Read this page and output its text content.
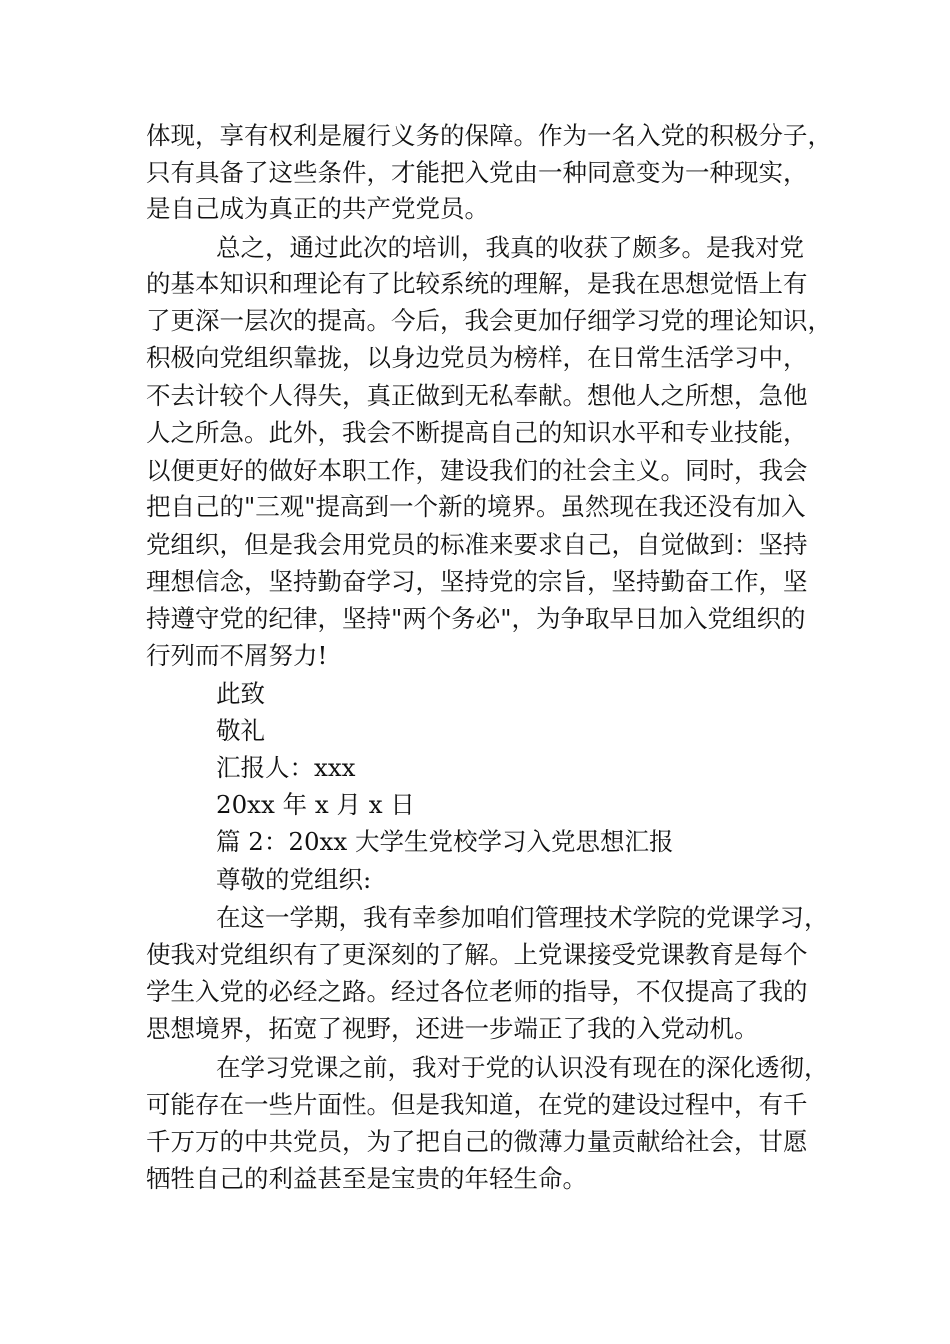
体现，享有权利是履行义务的保障。作为一名入党的积极分子，
只有具备了这些条件，才能把入党由一种同意变为一种现实，
是自己成为真正的共产党党员。
总之，通过此次的培训，我真的收获了颇多。是我对党
的基本知识和理论有了比较系统的理解，是我在思想觉悟上有
了更深一层次的提高。今后，我会更加仔细学习党的理论知识，
积极向党组织靠拢，以身边党员为榜样，在日常生活学习中，
不去计较个人得失，真正做到无私奉献。想他人之所想，急他
人之所急。此外，我会不断提高自己的知识水平和专业技能，
以便更好的做好本职工作，建设我们的社会主义。同时，我会
把自己的"三观"提高到一个新的境界。虽然现在我还没有加入
党组织，但是我会用党员的标准来要求自己，自觉做到：坚持
理想信念，坚持勤奋学习，坚持党的宗旨，坚持勤奋工作，坚
持遵守党的纪律，坚持"两个务必"，为争取早日加入党组织的
行列而不屑努力!
此致
敬礼
汇报人：xxx
20xx 年 x 月 x 日
篇 2：20xx 大学生党校学习入党思想汇报
尊敬的党组织:
在这一学期，我有幸参加咱们管理技术学院的党课学习，
使我对党组织有了更深刻的了解。上党课接受党课教育是每个
学生入党的必经之路。经过各位老师的指导，不仅提高了我的
思想境界，拓宽了视野，还进一步端正了我的入党动机。
在学习党课之前，我对于党的认识没有现在的深化透彻，
可能存在一些片面性。但是我知道，在党的建设过程中，有千
千万万的中共党员，为了把自己的微薄力量贡献给社会，甘愿
牺牲自己的利益甚至是宝贵的年轻生命。
